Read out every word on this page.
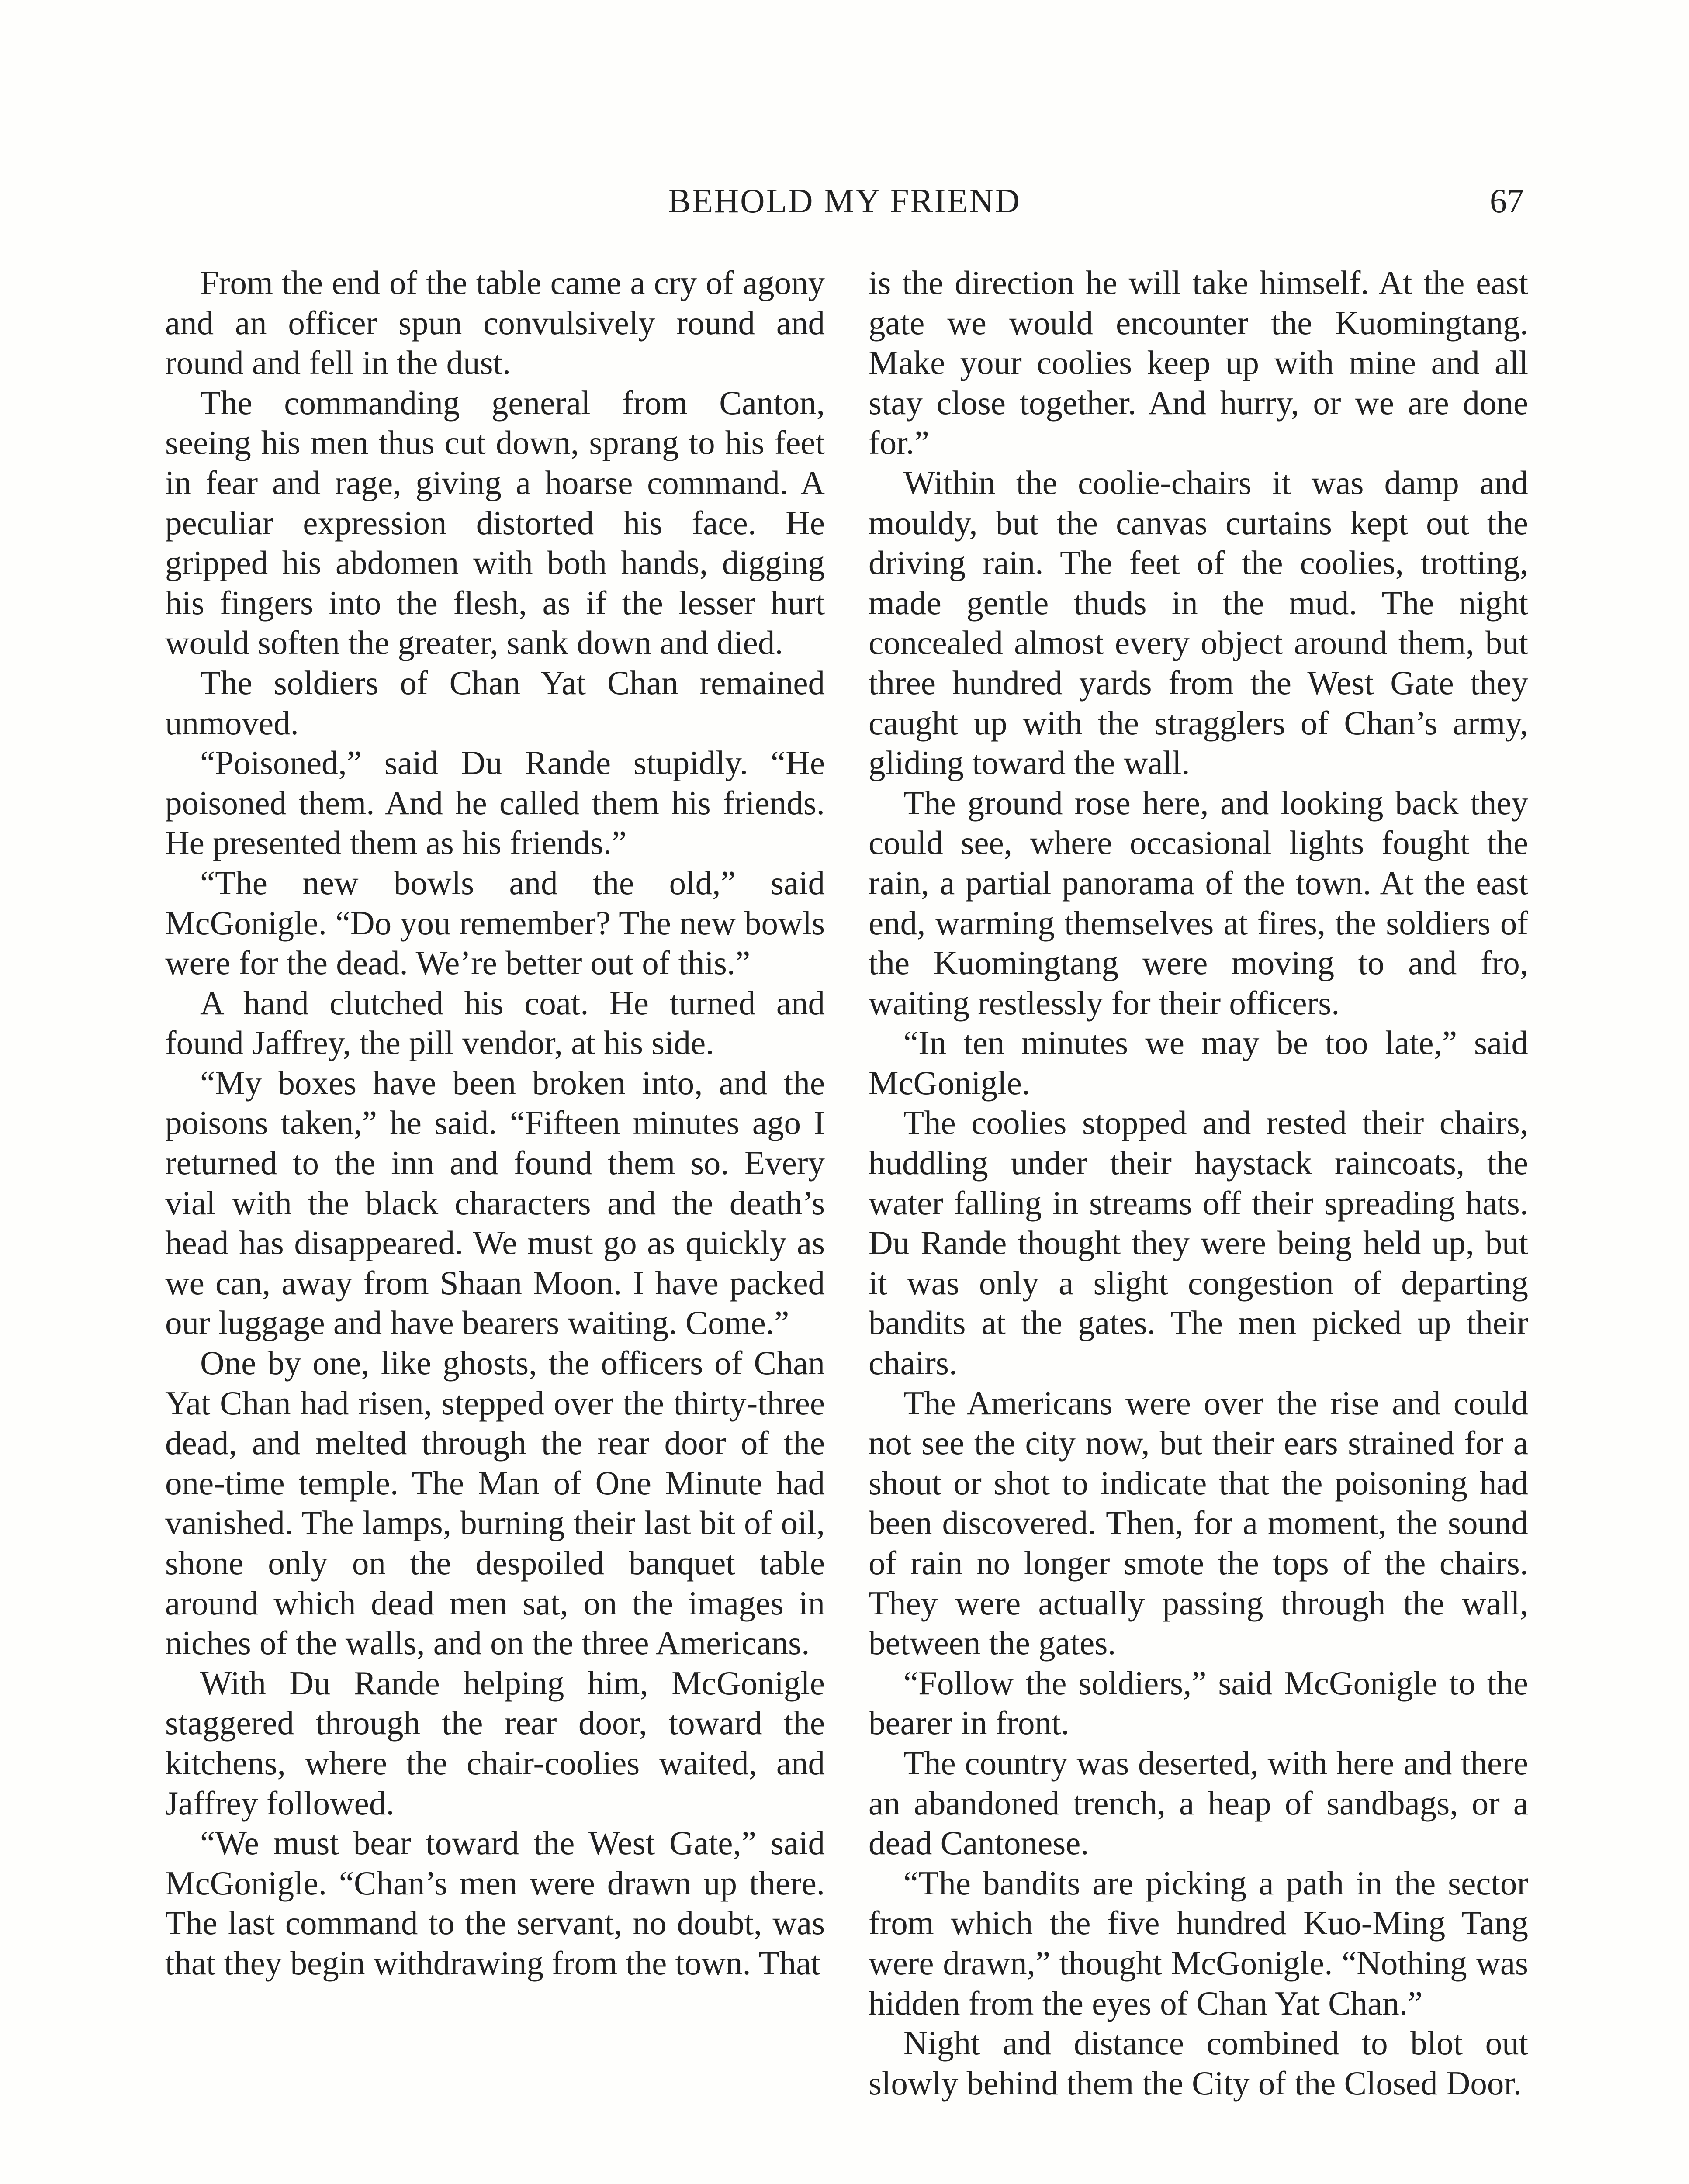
BEHOLD MY FRIEND	67

From the end of the table came a cry of agony and an officer spun convulsively round and round and fell in the dust.

The commanding general from Canton, seeing his men thus cut down, sprang to his feet in fear and rage, giving a hoarse command. A peculiar expression distorted his face. He gripped his abdomen with both hands, digging his fingers into the flesh, as if the lesser hurt would soften the greater, sank down and died.

The soldiers of Chan Yat Chan remained unmoved.

“Poisoned,” said Du Rande stupidly. “He poisoned them. And he called them his friends. He presented them as his friends.”

“The new bowls and the old,” said McGonigle. “Do you remember? The new bowls were for the dead. We’re better out of this.”

A hand clutched his coat. He turned and found Jaffrey, the pill vendor, at his side.

“My boxes have been broken into, and the poisons taken,” he said. “Fifteen minutes ago I returned to the inn and found them so. Every vial with the black characters and the death’s head has disappeared. We must go as quickly as we can, away from Shaan Moon. I have packed our luggage and have bearers waiting. Come.”

One by one, like ghosts, the officers of Chan Yat Chan had risen, stepped over the thirty-three dead, and melted through the rear door of the one-time temple. The Man of One Minute had vanished. The lamps, burning their last bit of oil, shone only on the despoiled banquet table around which dead men sat, on the images in niches of the walls, and on the three Americans.

With Du Rande helping him, McGonigle staggered through the rear door, toward the kitchens, where the chair-coolies waited, and Jaffrey followed.

“We must bear toward the West Gate,” said McGonigle. “Chan’s men were drawn up there. The last command to the servant, no doubt, was that they begin withdrawing from the town. That

is the direction he will take himself. At the east gate we would encounter the Kuomingtang. Make your coolies keep up with mine and all stay close together. And hurry, or we are done for.”

Within the coolie-chairs it was damp and mouldy, but the canvas curtains kept out the driving rain. The feet of the coolies, trotting, made gentle thuds in the mud. The night concealed almost every object around them, but three hundred yards from the West Gate they caught up with the stragglers of Chan’s army, gliding toward the wall.

The ground rose here, and looking back they could see, where occasional lights fought the rain, a partial panorama of the town. At the east end, warming themselves at fires, the soldiers of the Kuomingtang were moving to and fro, waiting restlessly for their officers.

“In ten minutes we may be too late,” said McGonigle.

The coolies stopped and rested their chairs, huddling under their haystack raincoats, the water falling in streams off their spreading hats. Du Rande thought they were being held up, but it was only a slight congestion of departing bandits at the gates. The men picked up their chairs.

The Americans were over the rise and could not see the city now, but their ears strained for a shout or shot to indicate that the poisoning had been discovered. Then, for a moment, the sound of rain no longer smote the tops of the chairs. They were actually passing through the wall, between the gates.

“Follow the soldiers,” said McGonigle to the bearer in front.

The country was deserted, with here and there an abandoned trench, a heap of sandbags, or a dead Cantonese.

“The bandits are picking a path in the sector from which the five hundred Kuo-Ming Tang were drawn,” thought McGonigle. “Nothing was hidden from the eyes of Chan Yat Chan.”

Night and distance combined to blot out slowly behind them the City of the Closed Door.
